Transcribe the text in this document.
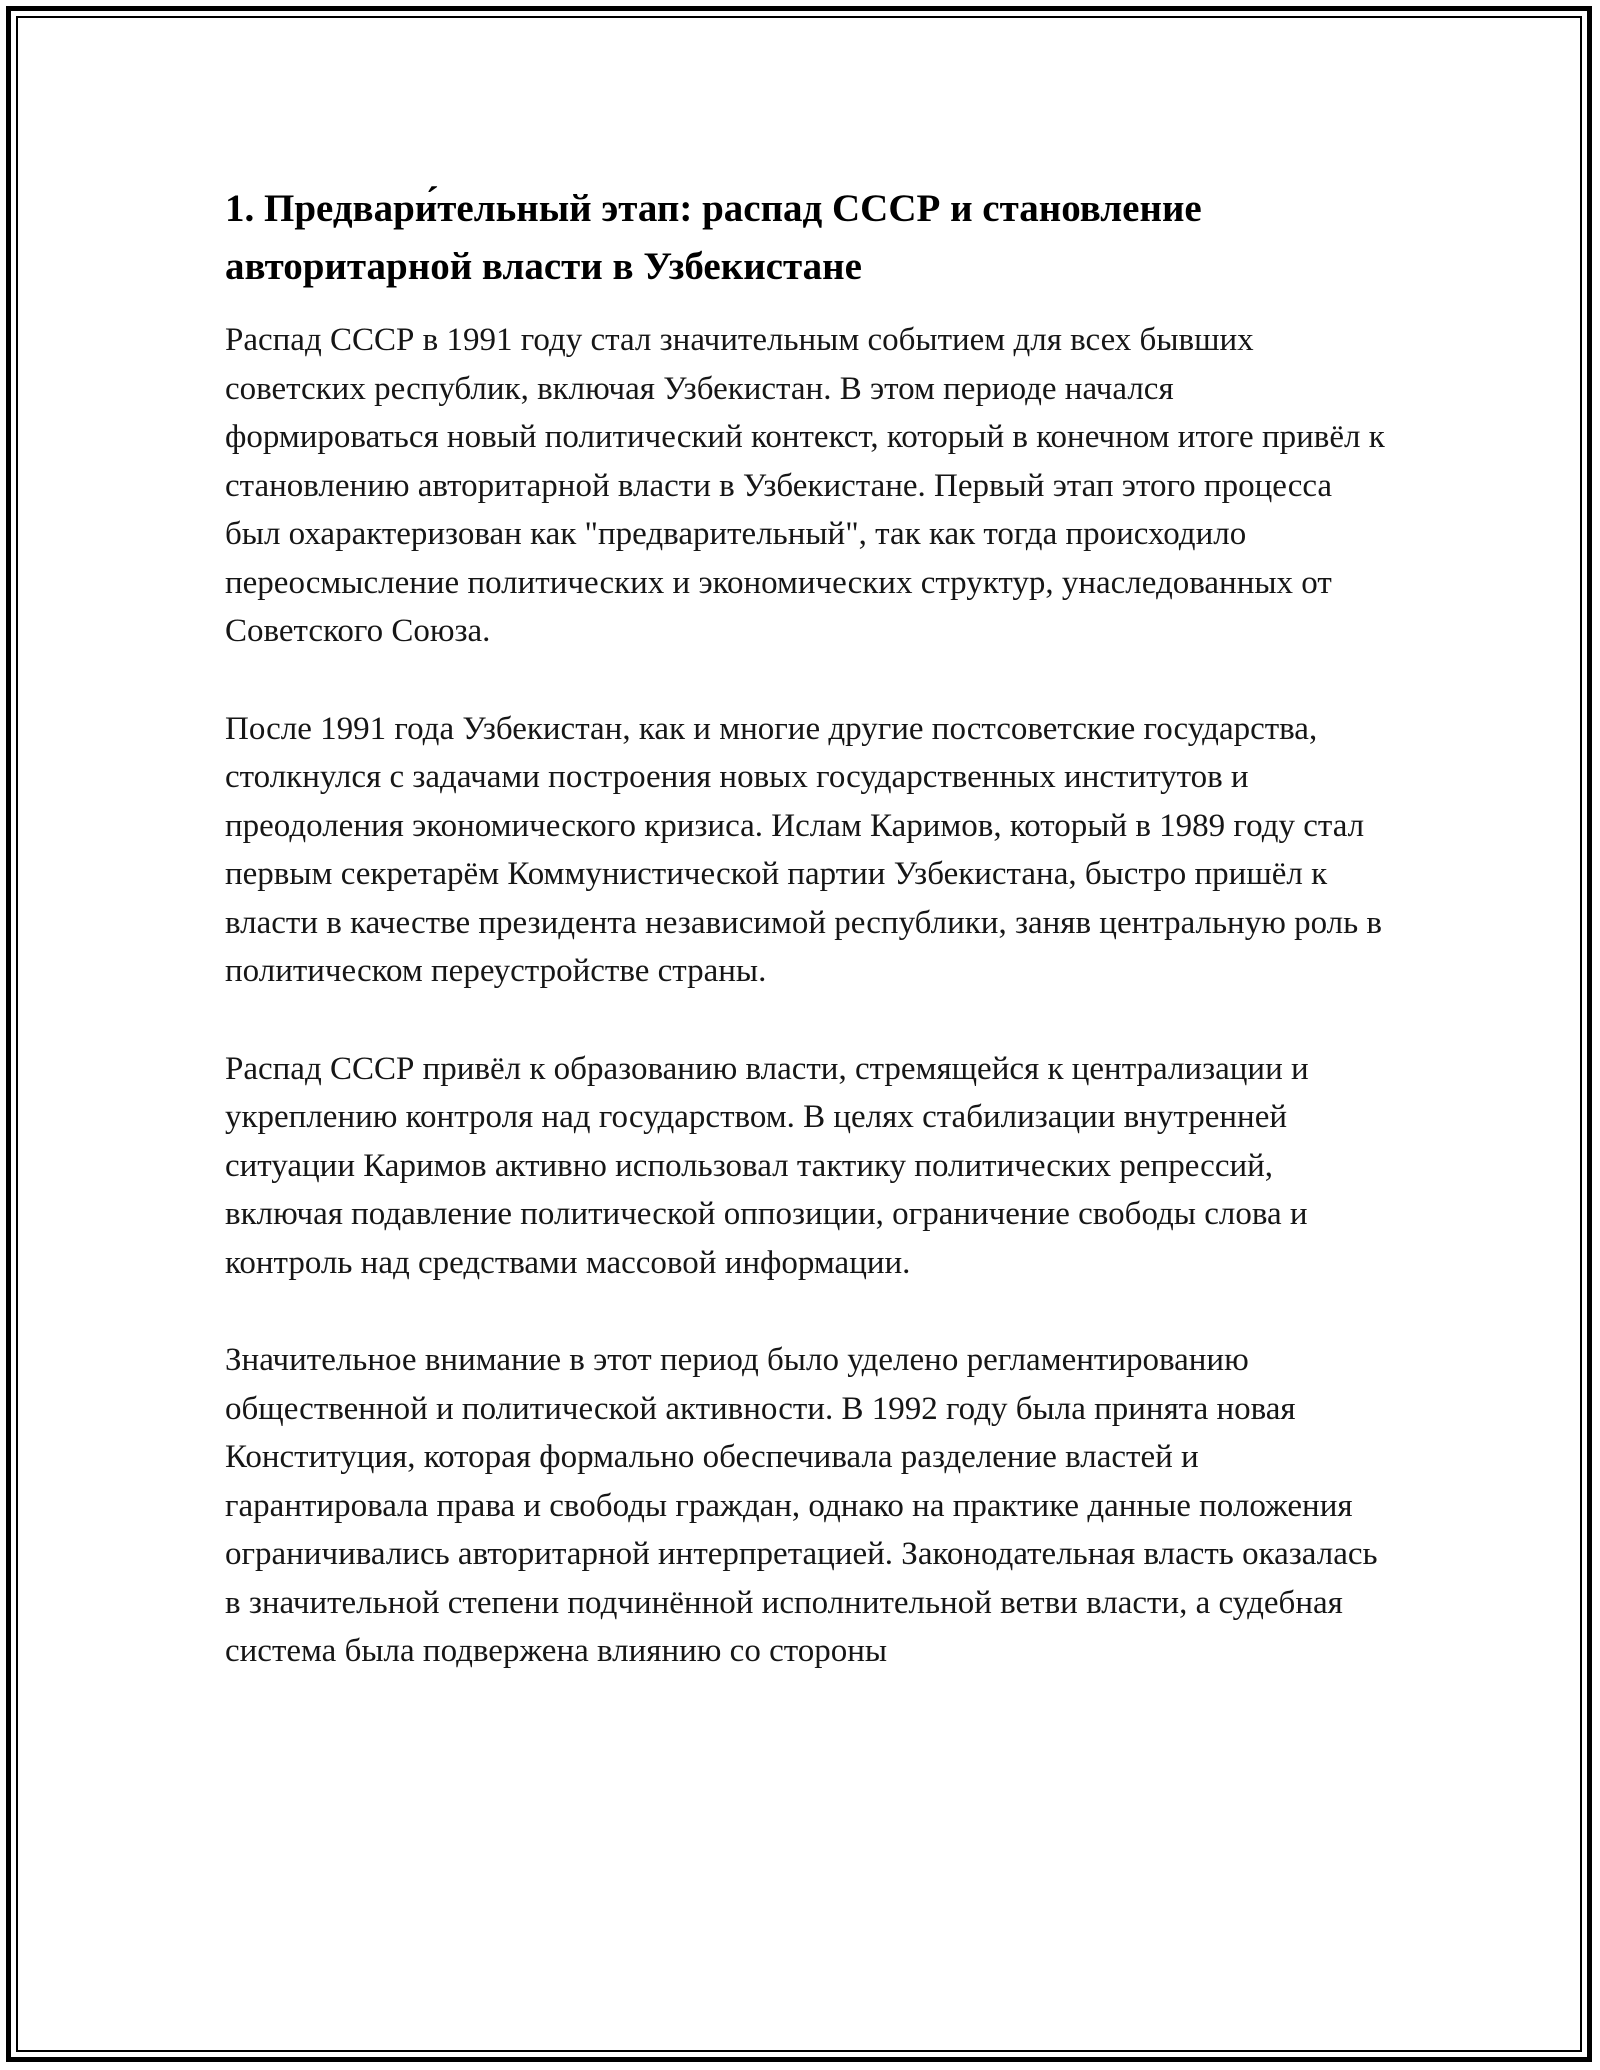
1. Предвари́тельный этап: распад СССР и становление авторитарной власти в Узбекистане

Распад СССР в 1991 году стал значительным событием для всех бывших советских республик, включая Узбекистан. В этом периоде начался формироваться новый политический контекст, который в конечном итоге привёл к становлению авторитарной власти в Узбекистане. Первый этап этого процесса был охарактеризован как "предварительный", так как тогда происходило переосмысление политических и экономических структур, унаследованных от Советского Союза.

После 1991 года Узбекистан, как и многие другие постсоветские государства, столкнулся с задачами построения новых государственных институтов и преодоления экономического кризиса. Ислам Каримов, который в 1989 году стал первым секретарём Коммунистической партии Узбекистана, быстро пришёл к власти в качестве президента независимой республики, заняв центральную роль в политическом переустройстве страны.

Распад СССР привёл к образованию власти, стремящейся к централизации и укреплению контроля над государством. В целях стабилизации внутренней ситуации Каримов активно использовал тактику политических репрессий, включая подавление политической оппозиции, ограничение свободы слова и контроль над средствами массовой информации.

Значительное внимание в этот период было уделено регламентированию общественной и политической активности. В 1992 году была принята новая Конституция, которая формально обеспечивала разделение властей и гарантировала права и свободы граждан, однако на практике данные положения ограничивались авторитарной интерпретацией. Законодательная власть оказалась в значительной степени подчинённой исполнительной ветви власти, а судебная система была подвержена влиянию со стороны
